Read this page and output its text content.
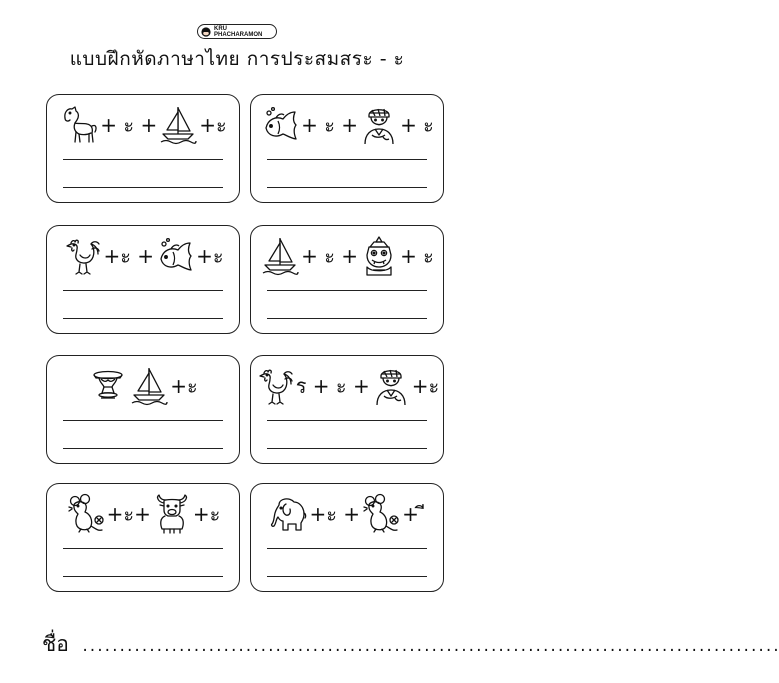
KRU PHACHARAMON
แบบฝึกหัดภาษาไทย การประสมสระ - ะ
+ ะ + +ะ	+ ะ + + ะ
+ะ + +ะ	+ ะ + + ะ
+ะ	ร + ะ + +ะ
+ะ+ +ะ	+ะ + + ี
ชื่อ ..............................................................................................
